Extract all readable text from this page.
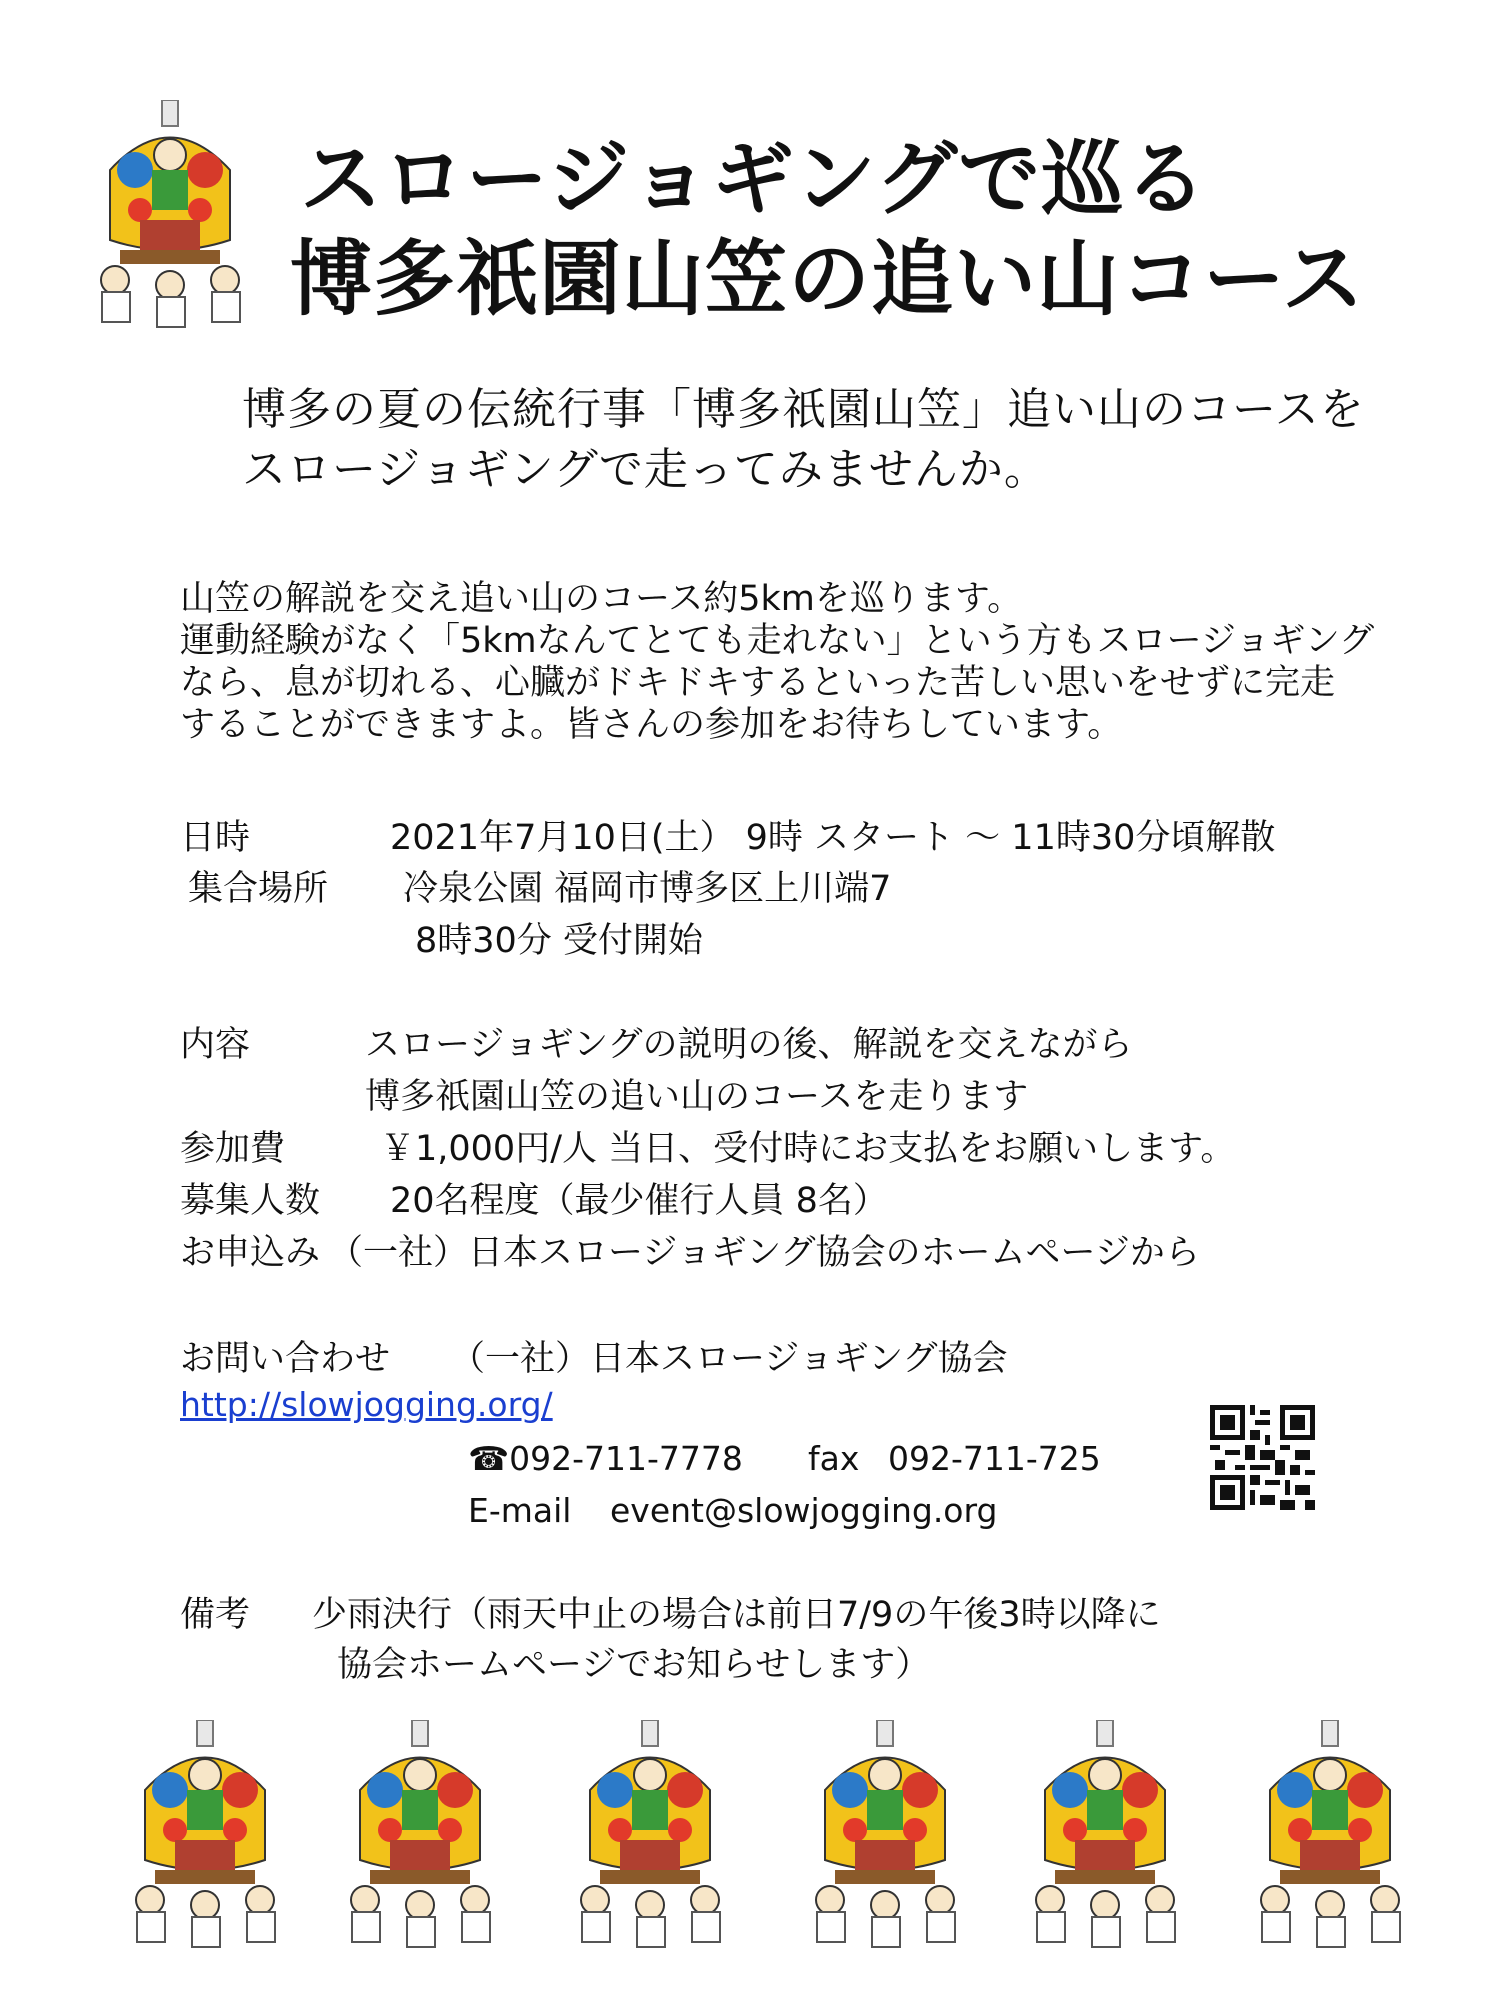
スロージョギングで巡る
博多祇園山笠の追い山コース
博多の夏の伝統行事「博多祇園山笠」追い山のコースを
スロージョギングで走ってみませんか。
山笠の解説を交え追い山のコース約5kmを巡ります。
運動経験がなく「5kmなんてとても走れない」という方もスロージョギング
なら、息が切れる、心臓がドキドキするといった苦しい思いをせずに完走
することができますよ。皆さんの参加をお待ちしています。
日時	2021年7月10日(土） 9時 スタート ～ 11時30分頃解散
集合場所 冷泉公園 福岡市博多区上川端7
8時30分 受付開始
内容	スロージョギングの説明の後、解説を交えながら
博多祇園山笠の追い山のコースを走ります
参加費	￥1,000円/人 当日、受付時にお支払をお願いします。
募集人数 20名程度（最少催行人員 8名）
お申込み （一社）日本スロージョギング協会のホームページから
お問い合わせ （一社）日本スロージョギング協会
http://slowjogging.org/
☎092-711-7778 fax 092-711-725
E-mail event@slowjogging.org
備考 少雨決行（雨天中止の場合は前日7/9の午後3時以降に
協会ホームページでお知らせします）
